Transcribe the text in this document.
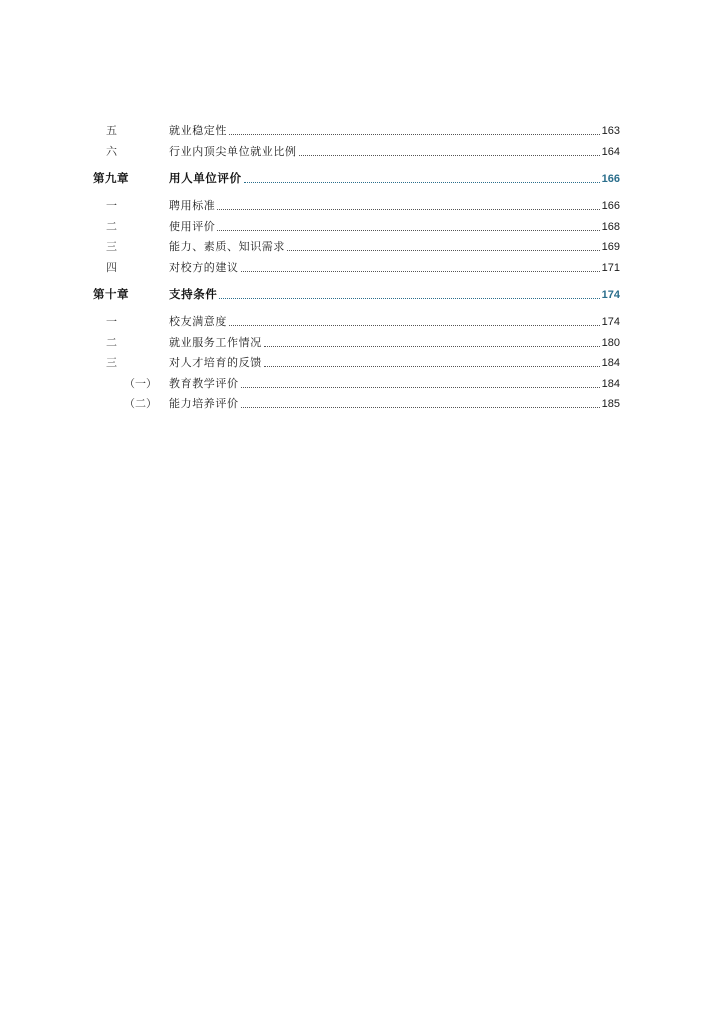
五	就业稳定性	163
六	行业内顶尖单位就业比例	164
第九章	用人单位评价	166
一	聘用标准	166
二	使用评价	168
三	能力、素质、知识需求	169
四	对校方的建议	171
第十章	支持条件	174
一	校友满意度	174
二	就业服务工作情况	180
三	对人才培育的反馈	184
（一）	教育教学评价	184
（二）	能力培养评价	185
